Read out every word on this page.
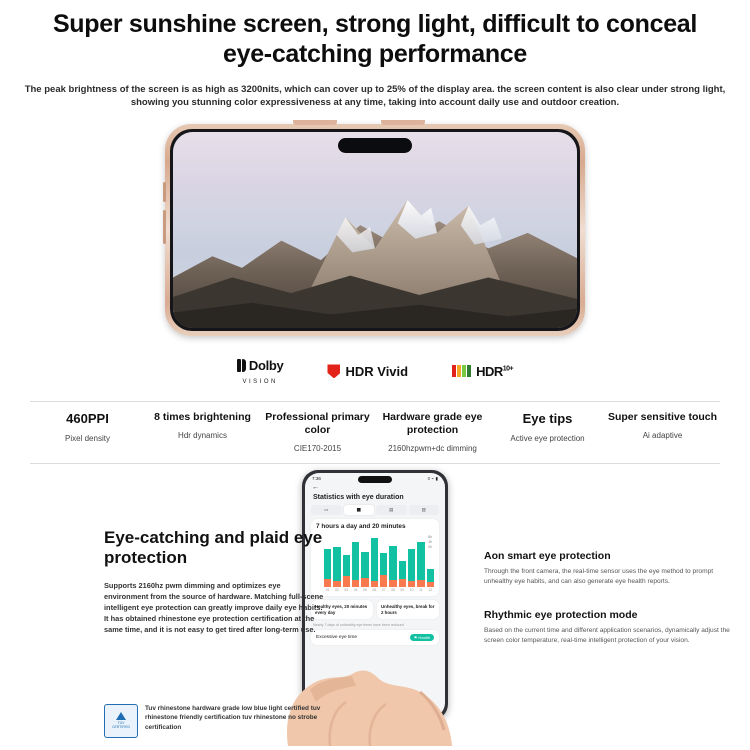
Super sunshine screen, strong light, difficult to conceal eye-catching performance
The peak brightness of the screen is as high as 3200nits, which can cover up to 25% of the display area. the screen content is also clear under strong light, showing you stunning color expressiveness at any time, taking into account daily use and outdoor creation.
Dolby
VISION
HDR Vivid	$HDR^{10+}$
460PPI
Pixel density
8 times brightening
Hdr dynamics
Professional primary color
CIE170-2015
Hardware grade eye protection
2160hzpwm+dc dimming
Eye tips
Active eye protection
Super sensitive touch
Ai adaptive
7:36	≡ ⌁ ▮
←
Statistics with eye duration
▭	▦	▤	▥
7 hours a day and 20 minutes
8h
4h
0h
01	02	03	04	05	06	07	08	09	10	11	12
Healthy eyes, 20 minutes every day
Unhealthy eyes, break for 2 hours
Nearly 7 days of unhealthy eye times have been reduced
Excessive eye time	⚑ Health
Eye-catching and plaid eye protection
Supports 2160hz pwm dimming and optimizes eye environment from the source of hardware. Matching full-scene intelligent eye protection can greatly improve daily eye habits. It has obtained rhinestone eye protection certification at the same time, and it is not easy to get tired after long-term use.
Aon smart eye protection
Through the front camera, the real-time sensor uses the eye method to prompt unhealthy eye habits, and can also generate eye health reports.
Rhythmic eye protection mode
Based on the current time and different application scenarios, dynamically adjust the screen color temperature, real-time intelligent protection of your vision.
TÜV
CERTIFIED
Tuv rhinestone hardware grade low blue light certified tuv rhinestone friendly certification tuv rhinestone no strobe certification
